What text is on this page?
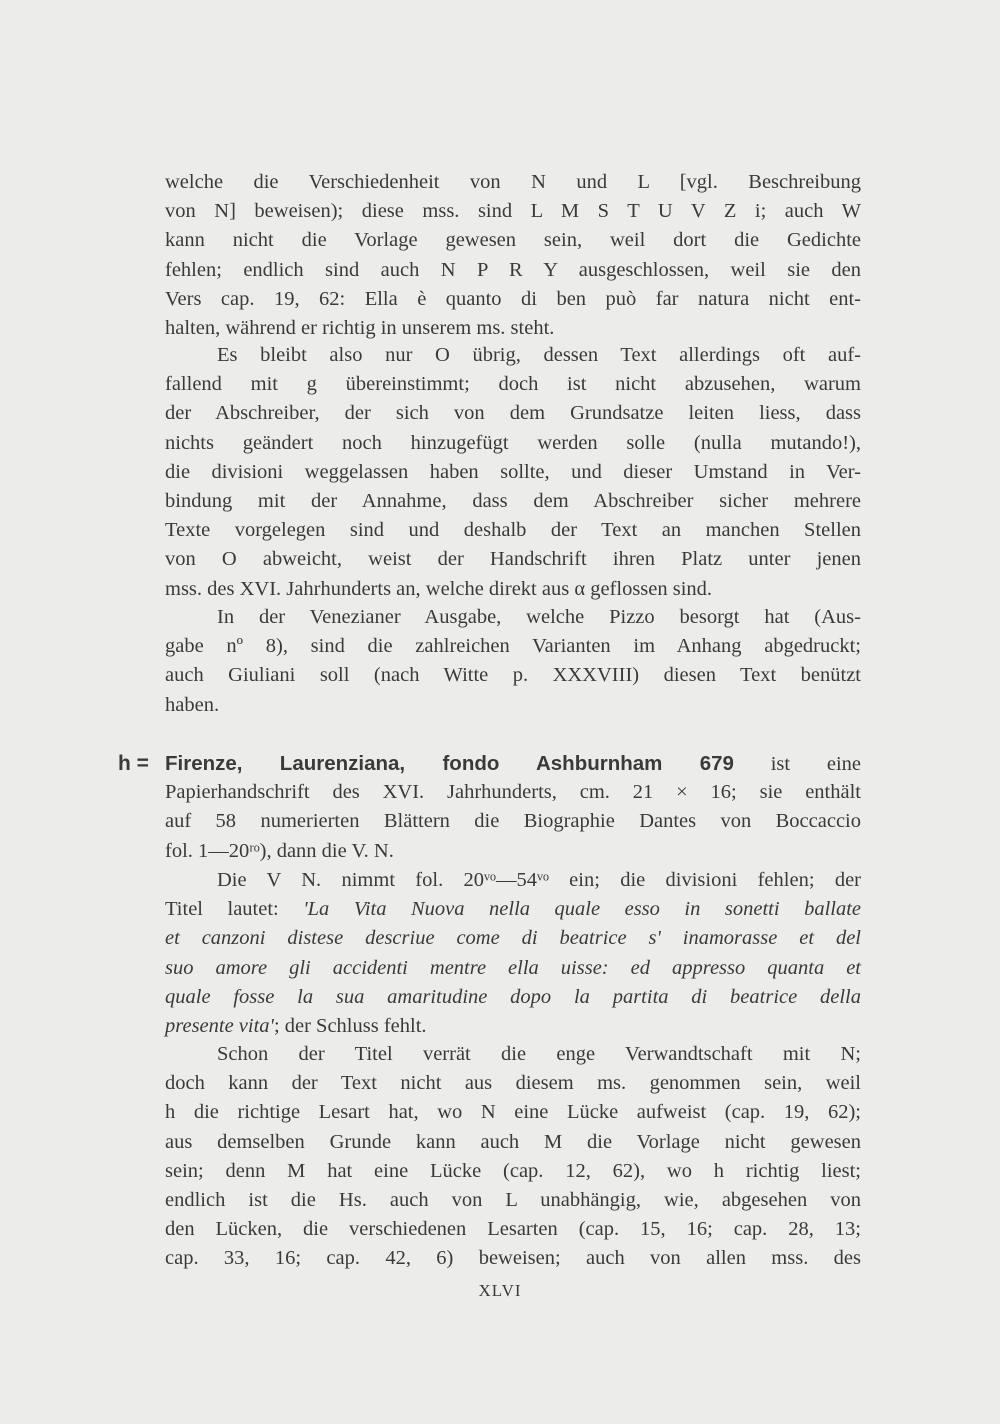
welche die Verschiedenheit von N und L [vgl. Beschreibung
von N] beweisen); diese mss. sind L M S T U V Z i; auch W
kann nicht die Vorlage gewesen sein, weil dort die Gedichte
fehlen; endlich sind auch N P R Y ausgeschlossen, weil sie den
Vers cap. 19, 62: Ella è quanto di ben può far natura nicht ent-
halten, während er richtig in unserem ms. steht.
Es bleibt also nur O übrig, dessen Text allerdings oft auf-
fallend mit g übereinstimmt; doch ist nicht abzusehen, warum
der Abschreiber, der sich von dem Grundsatze leiten liess, dass
nichts geändert noch hinzugefügt werden solle (nulla mutando!),
die divisioni weggelassen haben sollte, und dieser Umstand in Ver-
bindung mit der Annahme, dass dem Abschreiber sicher mehrere
Texte vorgelegen sind und deshalb der Text an manchen Stellen
von O abweicht, weist der Handschrift ihren Platz unter jenen
mss. des XVI. Jahrhunderts an, welche direkt aus α geflossen sind.
In der Venezianer Ausgabe, welche Pizzo besorgt hat (Aus-
gabe nº 8), sind die zahlreichen Varianten im Anhang abgedruckt;
auch Giuliani soll (nach Witte p. XXXVIII) diesen Text benützt
haben.
h = Firenze, Laurenziana, fondo Ashburnham 679 ist eine
Papierhandschrift des XVI. Jahrhunderts, cm. 21 × 16; sie enthält
auf 58 numerierten Blättern die Biographie Dantes von Boccaccio
fol. 1—20ʳᵒ), dann die V. N.
Die V N. nimmt fol. 20ᵛᵒ—54ᵛᵒ ein; die divisioni fehlen; der
Titel lautet: 'La Vita Nuova nella quale esso in sonetti ballate
et canzoni distese descriue come di beatrice s' inamorasse et del
suo amore gli accidenti mentre ella uisse: ed appresso quanta et
quale fosse la sua amaritudine dopo la partita di beatrice della
presente vita'; der Schluss fehlt.
Schon der Titel verrät die enge Verwandtschaft mit N;
doch kann der Text nicht aus diesem ms. genommen sein, weil
h die richtige Lesart hat, wo N eine Lücke aufweist (cap. 19, 62);
aus demselben Grunde kann auch M die Vorlage nicht gewesen
sein; denn M hat eine Lücke (cap. 12, 62), wo h richtig liest;
endlich ist die Hs. auch von L unabhängig, wie, abgesehen von
den Lücken, die verschiedenen Lesarten (cap. 15, 16; cap. 28, 13;
cap. 33, 16; cap. 42, 6) beweisen; auch von allen mss. des
XLVI
